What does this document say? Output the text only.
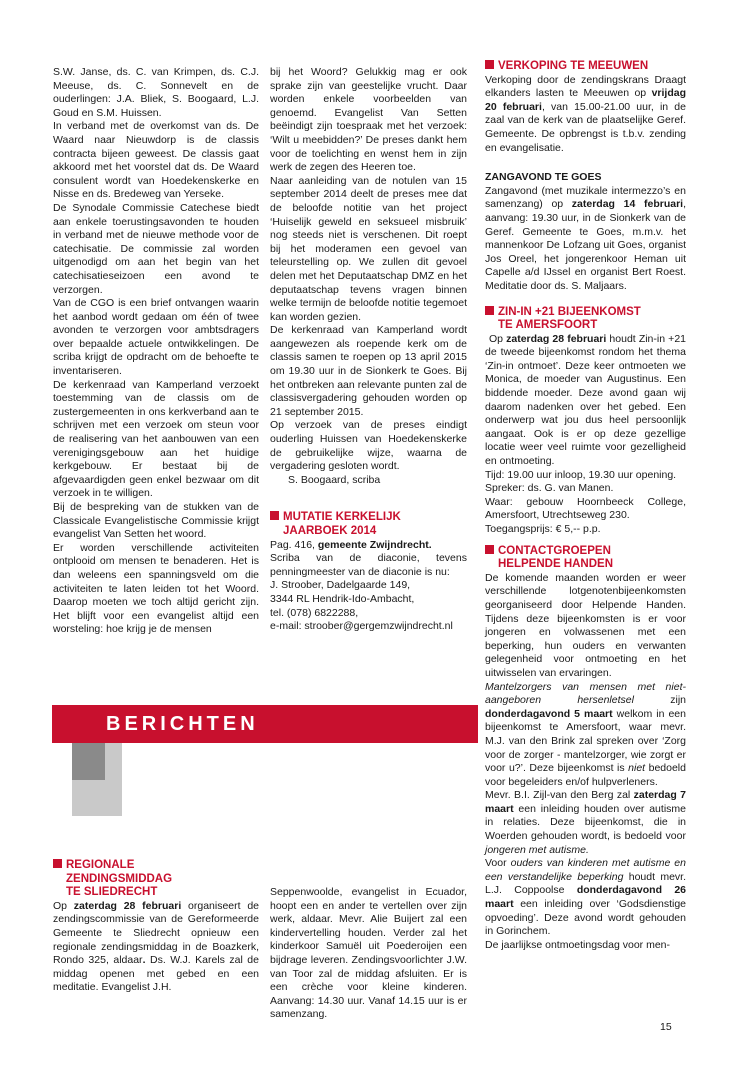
S.W. Janse, ds. C. van Krimpen, ds. C.J. Meeuse, ds. C. Sonnevelt en de ouderlingen: J.A. Bliek, S. Boogaard, L.J. Goud en S.M. Huissen.

In verband met de overkomst van ds. De Waard naar Nieuwdorp is de classis contracta bijeen geweest. De classis gaat akkoord met het voorstel dat ds. De Waard consulent wordt van Hoedekenskerke en Nisse en ds. Bredeweg van Yerseke.

De Synodale Commissie Catechese biedt aan enkele toerustingsavonden te houden in verband met de nieuwe methode voor de catechisatie. De commissie zal worden uitgenodigd om aan het begin van het catechisatieseizoen een avond te verzorgen.

Van de CGO is een brief ontvangen waarin het aanbod wordt gedaan om één of twee avonden te verzorgen voor ambtsdragers over bepaalde actuele ontwikkelingen. De scriba krijgt de opdracht om de behoefte te inventariseren.

De kerkenraad van Kamperland verzoekt toestemming van de classis om de zustergemeenten in ons kerkverband aan te schrijven met een verzoek om steun voor de realisering van het aanbouwen van een verenigingsgebouw aan het huidige kerkgebouw. Er bestaat bij de afgevaardigden geen enkel bezwaar om dit verzoek in te willigen.

Bij de bespreking van de stukken van de Classicale Evangelistische Commissie krijgt evangelist Van Setten het woord.

Er worden verschillende activiteiten ontplooid om mensen te benaderen. Het is dan weleens een spanningsveld om die activiteiten te laten leiden tot het Woord. Daarop moeten we toch altijd gericht zijn. Het blijft voor een evangelist altijd een worsteling: hoe krijg je de mensen

bij het Woord? Gelukkig mag er ook sprake zijn van geestelijke vrucht. Daar worden enkele voorbeelden van genoemd. Evangelist Van Setten beëindigt zijn toespraak met het verzoek: ‘Wilt u meebidden?’ De preses dankt hem voor de toelichting en wenst hem in zijn werk de zegen des Heeren toe.

Naar aanleiding van de notulen van 15 september 2014 deelt de preses mee dat de beloofde notitie van het project ‘Huiselijk geweld en seksueel misbruik’ nog steeds niet is verschenen. Dit roept bij het moderamen een gevoel van teleurstelling op. We zullen dit gevoel delen met het Deputaatschap DMZ en het deputaatschap tevens vragen binnen welke termijn de beloofde notitie tegemoet kan worden gezien.

De kerkenraad van Kamperland wordt aangewezen als roepende kerk om de classis samen te roepen op 13 april 2015 om 19.30 uur in de Sionkerk te Goes. Bij het ontbreken aan relevante punten zal de classisvergadering gehouden worden op 21 september 2015.

Op verzoek van de preses eindigt ouderling Huissen van Hoedekenskerke de gebruikelijke wijze, waarna de vergadering gesloten wordt.

S. Boogaard, scriba

MUTATIE KERKELIJK
JAARBOEK 2014

Pag. 416, gemeente Zwijndrecht.

Scriba van de diaconie, tevens penningmeester van de diaconie is nu:

J. Stroober, Dadelgaarde 149,

3344 RL Hendrik-Ido-Ambacht,

tel. (078) 6822288,

e-mail: stroober@gergemzwijndrecht.nl

VERKOPING TE MEEUWEN

Verkoping door de zendingskrans Draagt elkanders lasten te Meeuwen op vrijdag 20 februari, van 15.00-21.00 uur, in de zaal van de kerk van de plaatselijke Geref. Gemeente. De opbrengst is t.b.v. zending en evangelisatie.

ZANGAVOND TE GOES

Zangavond (met muzikale intermezzo’s en samenzang) op zaterdag 14 februari, aanvang: 19.30 uur, in de Sionkerk van de Geref. Gemeente te Goes, m.m.v. het mannenkoor De Lofzang uit Goes, organist Jos Oreel, het jongerenkoor Heman uit Capelle a/d IJssel en organist Bert Roest. Meditatie door ds. S. Maljaars.

ZIN-IN +21 BIJEENKOMST
TE AMERSFOORT

Op zaterdag 28 februari houdt Zin-in +21 de tweede bijeenkomst rondom het thema ‘Zin-in ontmoet’. Deze keer ontmoeten we Monica, de moeder van Augustinus. Een biddende moeder. Deze avond gaan wij daarom nadenken over het gebed. Een onderwerp wat jou dus heel persoonlijk aangaat. Ook is er op deze gezellige locatie weer veel ruimte voor gezelligheid en ontmoeting.

Tijd: 19.00 uur inloop, 19.30 uur opening.

Spreker: ds. G. van Manen.

Waar: gebouw Hoornbeeck College, Amersfoort, Utrechtseweg 230.

Toegangsprijs: € 5,-- p.p.

CONTACTGROEPEN
HELPENDE HANDEN

De komende maanden worden er weer verschillende lotgenotenbijeenkomsten georganiseerd door Helpende Handen. Tijdens deze bijeenkomsten is er voor jongeren en volwassenen met een beperking, hun ouders en verwanten gelegenheid voor ontmoeting en het uitwisselen van ervaringen.

Mantelzorgers van mensen met niet-aangeboren hersenletsel zijn donderdagavond 5 maart welkom in een bijeenkomst te Amersfoort, waar mevr. M.J. van den Brink zal spreken over ‘Zorg voor de zorger - mantelzorger, wie zorgt er voor u?’. Deze bijeenkomst is niet bedoeld voor begeleiders en/of hulpverleners.

Mevr. B.I. Zijl-van den Berg zal zaterdag 7 maart een inleiding houden over autisme in relaties. Deze bijeenkomst, die in Woerden gehouden wordt, is bedoeld voor jongeren met autisme.

Voor ouders van kinderen met autisme en een verstandelijke beperking houdt mevr. L.J. Coppoolse donderdagavond 26 maart een inleiding over ‘Godsdienstige opvoeding’. Deze avond wordt gehouden in Gorinchem.

De jaarlijkse ontmoetingsdag voor men-

BERICHTEN
REGIONALE
ZENDINGSMIDDAG
TE SLIEDRECHT

Op zaterdag 28 februari organiseert de zendingscommissie van de Gereformeerde Gemeente te Sliedrecht opnieuw een regionale zendingsmiddag in de Boazkerk, Rondo 325, aldaar. Ds. W.J. Karels zal de middag openen met gebed en een meditatie. Evangelist J.H.

Seppenwoolde, evangelist in Ecuador, hoopt een en ander te vertellen over zijn werk, aldaar. Mevr. Alie Buijert zal een kindervertelling houden. Verder zal het kinderkoor Samuël uit Poederoijen een bijdrage leveren. Zendingsvoorlichter J.W. van Toor zal de middag afsluiten. Er is een crèche voor kleine kinderen. Aanvang: 14.30 uur. Vanaf 14.15 uur is er samenzang.

15
